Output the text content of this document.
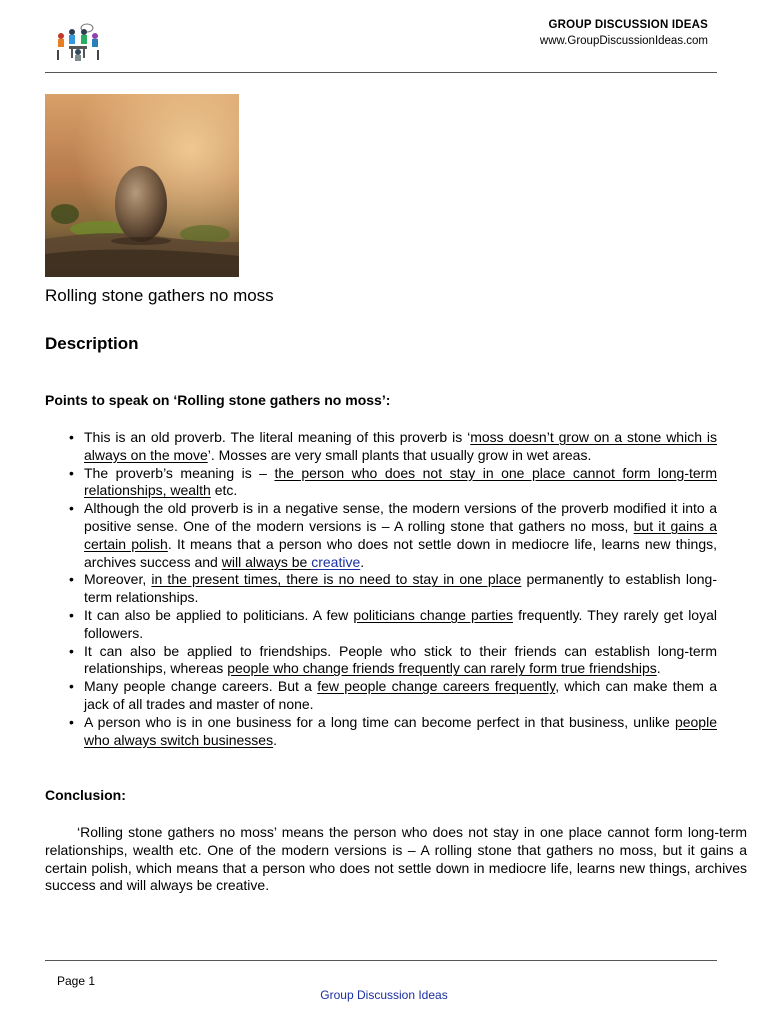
GROUP DISCUSSION IDEAS
www.GroupDiscussionIdeas.com
Rolling stone gathers no moss
Description
Points to speak on ‘Rolling stone gathers no moss’:
• This is an old proverb. The literal meaning of this proverb is ‘moss doesn’t grow on a stone which is always on the move’. Mosses are very small plants that usually grow in wet areas.
• The proverb’s meaning is – the person who does not stay in one place cannot form long-term relationships, wealth etc.
• Although the old proverb is in a negative sense, the modern versions of the proverb modified it into a positive sense. One of the modern versions is – A rolling stone that gathers no moss, but it gains a certain polish. It means that a person who does not settle down in mediocre life, learns new things, archives success and will always be creative.
• Moreover, in the present times, there is no need to stay in one place permanently to establish long-term relationships.
• It can also be applied to politicians. A few politicians change parties frequently. They rarely get loyal followers.
• It can also be applied to friendships. People who stick to their friends can establish long-term relationships, whereas people who change friends frequently can rarely form true friendships.
• Many people change careers. But a few people change careers frequently, which can make them a jack of all trades and master of none.
• A person who is in one business for a long time can become perfect in that business, unlike people who always switch businesses.
Conclusion:

‘Rolling stone gathers no moss’ means the person who does not stay in one place cannot form long-term relationships, wealth etc. One of the modern versions is – A rolling stone that gathers no moss, but it gains a certain polish, which means that a person who does not settle down in mediocre life, learns new things, archives success and will always be creative.

Page 1
Group Discussion Ideas
